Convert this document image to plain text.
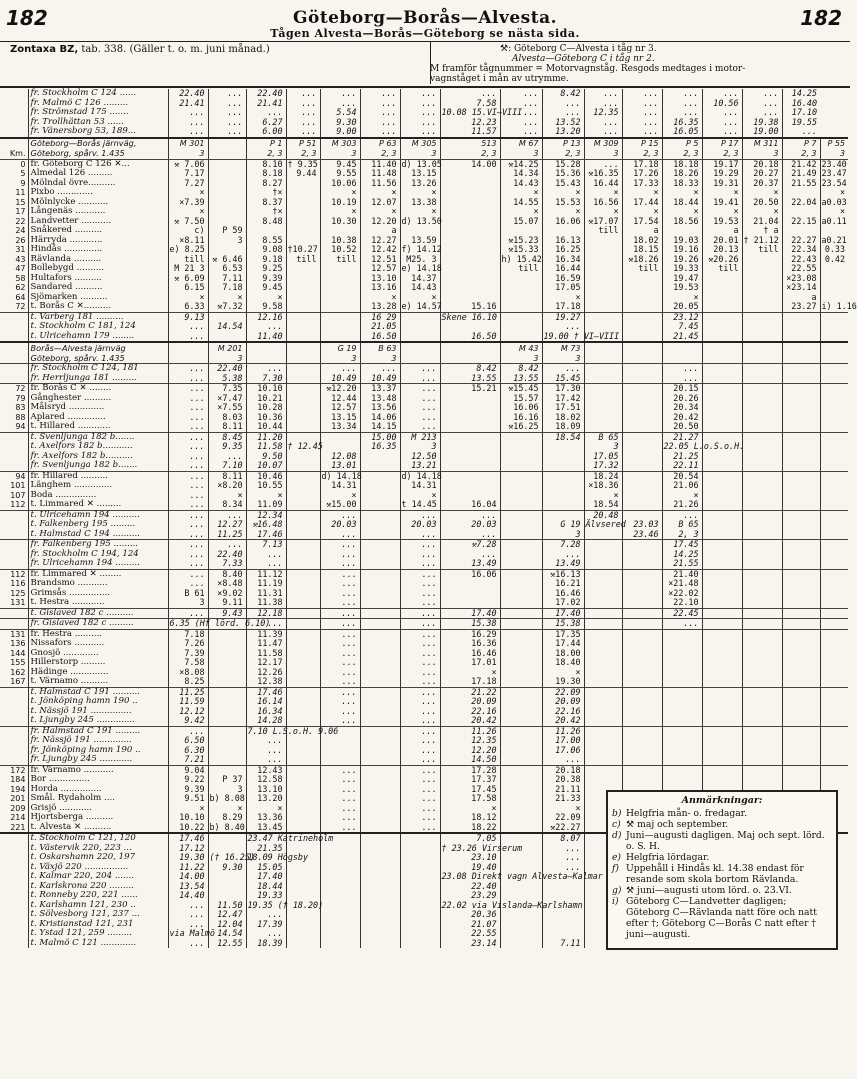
182	182
Göteborg—Borås—Alvesta.
Tågen Alvesta—Borås—Göteborg se nästa sida.
Zontaxa BZ, tab. 338. (Gäller t. o. m. juni månad.)	⚒: Göteborg C—Alvesta i tåg nr 3.
Alvesta—Göteborg C i tåg nr 2.
M framför tågnummer = Motorvagnståg. Resgods medtages i motor-
vagnståget i mån av utrymme.
	fr. Stockholm C 124 ......	22.40	...	22.40	...	...	...	...	...	...	8.42	...	...	...	...	...	14.25	
	fr. Malmö C 126 .........	21.41	...	21.41	...	...	...	...	7.58	...	...	...	...	...	10.56	...	16.40	
	fr. Strömstad 175 .......	...	...	...	...	5.54	...	...	10.08 15.VI—VIII	...	...	12.35	...	...	...	...	17.10	
	fr. Trollhättan 53 ......	...	...	6.27	...	9.30	...	...	12.23	...	13.52	...	...	16.35	...	19.38	19.55	
	fr. Vänersborg 53, 189...	...	...	6.00	...	9.00	...	...	11.57	...	13.20	...	...	16.05	...	19.00	...	
	Göteborg—Borås järnväg,	M 301		P 1	P 51	M 303	P 63	M 305	513	M 67	P 13	M 309	P 15	P 5	P 17	M 311	P 7	P 55
Km.	Göteborg, spårv. 1.435	3		2, 3	2, 3	3	2, 3	3	2, 3	3	2, 3	3	2, 3	2, 3	2, 3	3	2, 3	3
0	fr. Göteborg C 126 ✕...	⚒ 7.06		8.10	† 9.35	9.45	11.40	d) 13.05	14.00	⚒14.25	15.28	...	17.18	18.18	19.17	20.18	21.42	23.40
5	Almedal 126 .........	7.17		8.18	9.44	9.55	11.48	13.15		14.34	15.36	⚒16.35	17.26	18.26	19.29	20.27	21.49	23.47
9	Mölndal övre..........	7.27		8.27		10.06	11.56	13.26		14.43	15.43	16.44	17.33	18.33	19.31	20.37	21.55	23.54
11	Pixbo .............	×		†×		×	×	×		×	×	×	×	×	×	×		×
15	Mölnlycke ...........	×7.39		8.37		10.19	12.07	13.38		14.55	15.53	16.56	17.44	18.44	19.41	20.50	22.04	a0.03
17	Långenäs ...........	×		†×		×	×	×		×	×	×	×	×	×	×		×
22	Landvetter ...........	⚒ 7.50		8.48		10.30	12.20	d) 13.50		15.07	16.06	⚒17.07	17.54	18.56	19.53	21.04	22.15	a0.11
24	Snåkered ..........	c)	P 59				a					till	a		a	† a		
26	Härryda ............	×8.11	3	8.55		10.38	12.27	13.59		⚒15.23	16.13		18.02	19.03	20.01	† 21.12	22.27	a0.21
31	Hindås ..............	e) 8.25		9.08	†10.27	10.52	12.42	f) 14.12		⚒15.33	16.25		18.15	19.16	20.13	till	22.34	0.33
43	Rävlanda ..........	till	⚒ 6.46	9.18	till	till	12.51	M25. 3		h) 15.42	16.34		⚒18.26	19.26	⚒20.26		22.43	0.42
47	Bollebygd ..........	M 21 3	6.53	9.25			12.57	e) 14.18		till	16.44		till	19.33	till		22.55	
58	Hultafors ..........	⚒ 6.09	7.11	9.39			13.10	14.37			16.59			19.47			×23.08	
62	Sandared ..........	6.15	7.18	9.45			13.16	14.43			17.05			19.53			×23.14	
64	Sjömarken ..........	×	×	×			×	×			×			×			a	
72	t. Borås C ✕..........	6.33	⚒7.32	9.58			13.28	e) 14.57	15.16		17.18			20.05			23.27	i) 1.16
	t. Varberg 181 ..........	9.13		12.16			16 29		Skene 16.10		19.27			23.12				
	t. Stockholm C 181, 124	...	14.54	...			21.05				...			7.45				
	t. Ulricehamn 179 ........	...		11.40			16.50		16.50		19.00 † VI—VIII			21.45				
	Borås—Alvesta järnväg		M 201			G 19	B 63			M 43	M 73							
	Göteborg, spårv. 1.435		3			3	3			3	3							
	fr. Stockholm C 124, 181	...	22.40	...		...	...	...	8.42	8.42	...			...				
	fr. Herrljunga 181 .........	...	5.38	7.30		10.49	10.49	...	13.55	13.55	15.45			...				
72	fr. Borås C ✕ ........	...	7.35	10.10		⚒12.20	13.37	...	15.21	⚒15.45	17.30			20.15				
79	Gånghester ..........	...	×7.47	10.21		12.44	13.48	...		15.57	17.42			20.26				
83	Målsryd .............	...	×7.55	10.28		12.57	13.56	...		16.06	17.51			20.34				
88	Aplared ..............	...	8.03	10.36		13.15	14.06	...		16.16	18.02			20.42				
94	t. Hillared ............	...	8.11	10.44		13.34	14.15	...		⚒16.25	18.09			20.50				
	t. Svenljunga 182 b.......	...	8.45	11.20			15.00	M 213			18.54	B 65		21.27				
	t. Axelfors 182 b...........	...	9.35	11.58	† 12.45		16.35	3				3		22.05 L.o.S.o.H.				
	fr. Axelfors 182 b..........	...	...	9.50		12.08		12.50				17.05		21.25				
	fr. Svenljunga 182 b.......	...	7.10	10.07		13.01		13.21				17.32		22.11				
94	fr. Hillared ..........	...	8.11	10.46		d) 14.18		d) 14.18				18.24		20.54				
101	Länghem ..............	...	×8.20	10.55		14.31		14.31				×18.36		21.06				
107	Boda ...............	...	×	×		×		×				×		×				
112	t. Limmared ✕ .........	...	8.34	11.09		⚒15.00		t 14.45	16.04			18.54		21.26				
	t. Ulricehamn 194 ..........	...	...	12.34		...		...	...			20.48		...				
	t. Falkenberg 195 .........	...	12.27	⚒16.48		20.03		20.03	20.03		G 19	Älvsered	23.03	B 65				
	t. Halmstad C 194 ..........	...	11.25	17.46		...		...	...		3		23.46	2, 3				
	fr. Falkenberg 195 .........	...	...	7.13		...		...	⚒7.28		7.28			17.45				
	fr. Stockholm C 194, 124	...	22.40	...		...		...	...		...			14.25				
	fr. Ulricehamn 194 .........	...	7.33	...		...		...	13.49		13.49			21.55				
112	fr. Limmared ✕ ........	...	8.40	11.12		...		...	16.06		⚒16.13			21.40				
116	Brandsmo ...........	...	×8.48	11.19		...		...			16.21			×21.48				
125	Grimsås ...............	B 61	×9.02	11.31		...		...			16.46			×22.02				
131	t. Hestra ............	3	9.11	11.38		...		...			17.02			22.10				
	t. Gislaved 182 c ..........	...	9.43	12.18		...		...	17.40		17.40			22.45				
	fr. Gislaved 182 c .........	6.35 (Hf lörd. 6.10)		...		...		...	15.38		15.38			...				
131	fr. Hestra ..........	7.18		11.39		...		...	16.29		17.35							
136	Nissafors ...........	7.26		11.47		...		...	16.36		17.44							
144	Gnosjö .............	7.39		11.58		...		...	16.46		18.00							
155	Hillerstorp .........	7.58		12.17		...		...	17.01		18.40							
162	Hädinge ..............	×8.08		12.26		...		...	×		×							
167	t. Värnamo ..........	8.25		12.38		...		...	17.18		19.30							
	t. Halmstad C 191 ..........	11.25		17.46		...		...	21.22		22.09							
	t. Jönköping hamn 190 ..	11.59		16.14		...		...	20.09		20.09							
	t. Nässjö 191 ...............	12.12		16.34		...		...	22.16		22.16							
	t. Ljungby 245 ..............	9.42		14.28		...		...	20.42		20.42							
	fr. Halmstad C 191 .........	...		7.10 L.S.o.H. 9.06				...	11.26		11.26							
	fr. Nässjö 191 ..............	6.50		...				...	12.35		17.00							
	fr. Jönköping hamn 190 ..	6.30		...				...	12.20		17.06							
	fr. Ljungby 245 ............	7.21		...				...	14.50		...							
172	fr. Värnamo ...........	9.04		12.43		...		...	17.28		20.18							
184	Bor ...............	9.22	P 37	12.58		...		...	17.37		20.38							
194	Horda ...............	9.39	3	13.10		...		...	17.45		21.11							
201	Smål. Rydaholm ....	9.51	b) 8.08	13.20		...		...	17.58		21.33							
209	Grisjö ............	×	×	×		...		...	×		×							
214	Hjortsberga ..........	10.10	8.29	13.36		...		...	18.12		22.09							
221	t. Alvesta ✕ ..........	10.22	b) 8.40	13.45		...		...	18.22		⚒22.27							
	t. Stockholm C 121, 120	17.46		23.47 Katrineholm					7.05		8.07							
	t. Västervik 220, 223 ...	17.12		21.35					† 23.26 Virserum		...							
	t. Oskarshamn 220, 197	19.30	(† 16.25)	18.09 Högsby					23.10		...							
	t. Växjö 220 ................	11.22	9.30	15.05					19.40		...							
	t. Kalmar 220, 204 .......	14.00		17.40					23.08 Direkt vagn Alvesta—Kalmar									
	t. Karlskrona 220 .........	13.54		18.44					22.40									
	t. Ronneby 220, 221 ......	14.40		19.33					23.29									
	t. Karlshamn 121, 230 ..	...	11.50	19.35 († 18.20)					22.02 via Vislanda—Karlshamn									
	t. Sölvesborg 121, 237 ...	...	12.47	...					20.36									
	t. Kristianstad 121, 231	...	12.04	17.39					21.07									
	t. Ystad 121, 259 .........	via Malmö	14.54	...					22.55									
	t. Malmö C 121 .............	...	12.55	18.39					23.14		7.11							
Anmärkningar:
b) Helgfria mån- o. fredagar.
c) ⚒ maj och september.
d) Juni—augusti dagligen. Maj och sept. lörd. o. S. H.
e) Helgfria lördagar.
f) Uppehåll i Hindås kl. 14.38 endast för resande som skola bortom Rävlanda.
g) ⚒ juni—augusti utom lörd. o. 23.VI.
i) Göteborg C—Landvetter dagligen; Göteborg C—Rävlanda natt före och natt efter †; Göteborg C—Borås C natt efter † juni—augusti.
